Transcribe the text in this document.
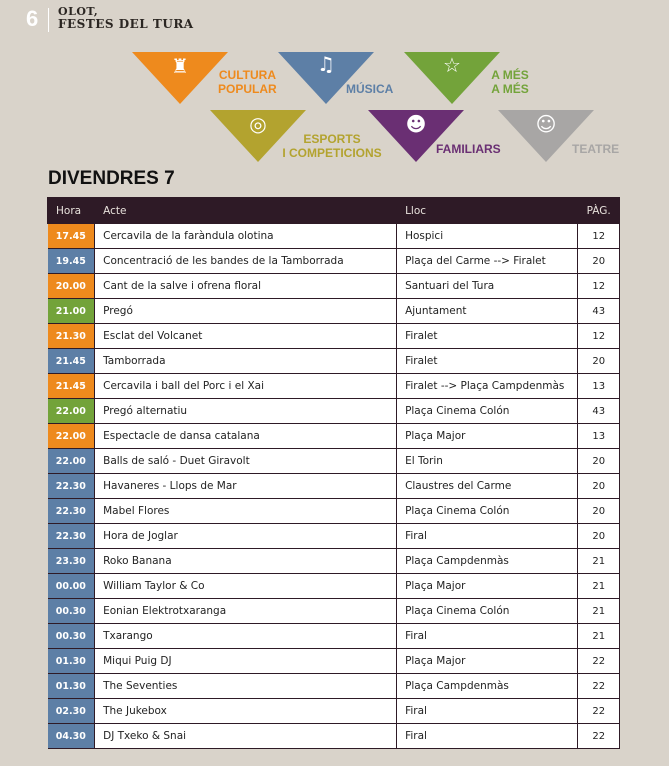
6 OLOT,
FESTES DEL TURA
♜	CULTURA
POPULAR
♫
MÚSICA
☆	A MÉS
A MÉS
◎
ESPORTS
I COMPETICIONS
☻
FAMILIARS
☺
TEATRE
DIVENDRES 7
Hora	Acte	Lloc	PÀG.
17.45	Cercavila de la faràndula olotina	Hospici	12
19.45	Concentració de les bandes de la Tamborrada	Plaça del Carme --> Firalet	20
20.00	Cant de la salve i ofrena floral	Santuari del Tura	12
21.00	Pregó	Ajuntament	43
21.30	Esclat del Volcanet	Firalet	12
21.45	Tamborrada	Firalet	20
21.45	Cercavila i ball del Porc i el Xai	Firalet --> Plaça Campdenmàs	13
22.00	Pregó alternatiu	Plaça Cinema Colón	43
22.00	Espectacle de dansa catalana	Plaça Major	13
22.00	Balls de saló - Duet Giravolt	El Torin	20
22.30	Havaneres - Llops de Mar	Claustres del Carme	20
22.30	Mabel Flores	Plaça Cinema Colón	20
22.30	Hora de Joglar	Firal	20
23.30	Roko Banana	Plaça Campdenmàs	21
00.00	William Taylor & Co	Plaça Major	21
00.30	Eonian Elektrotxaranga	Plaça Cinema Colón	21
00.30	Txarango	Firal	21
01.30	Miqui Puig DJ	Plaça Major	22
01.30	The Seventies	Plaça Campdenmàs	22
02.30	The Jukebox	Firal	22
04.30	DJ Txeko & Snai	Firal	22
